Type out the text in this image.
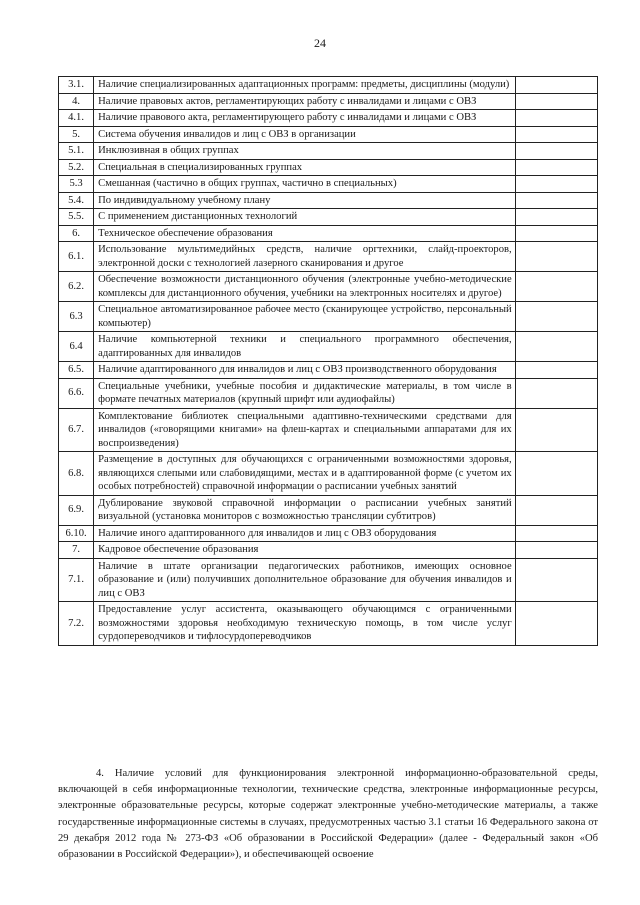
24
3.1.	Наличие специализированных адаптационных программ: предметы, дисциплины (модули)	
4.	Наличие правовых актов, регламентирующих работу с инвалидами и лицами с ОВЗ	
4.1.	Наличие правового акта, регламентирующего работу с инвалидами и лицами с ОВЗ	
5.	Система обучения инвалидов и лиц с ОВЗ в организации	
5.1.	Инклюзивная в общих группах	
5.2.	Специальная в специализированных группах	
5.3	Смешанная (частично в общих группах, частично в специальных)	
5.4.	По индивидуальному учебному плану	
5.5.	С применением дистанционных технологий	
6.	Техническое обеспечение образования	
6.1.	Использование мультимедийных средств, наличие оргтехники, слайд-проекторов, электронной доски с технологией лазерного сканирования и другое	
6.2.	Обеспечение возможности дистанционного обучения (электронные учебно-методические комплексы для дистанционного обучения, учебники на электронных носителях и другое)	
6.3	Специальное автоматизированное рабочее место (сканирующее устройство, персональный компьютер)	
6.4	Наличие компьютерной техники и специального программного обеспечения, адаптированных для инвалидов	
6.5.	Наличие адаптированного для инвалидов и лиц с ОВЗ производственного оборудования	
6.6.	Специальные учебники, учебные пособия и дидактические материалы, в том числе в формате печатных материалов (крупный шрифт или аудиофайлы)	
6.7.	Комплектование библиотек специальными адаптивно-техническими средствами для инвалидов («говорящими книгами» на флеш-картах и специальными аппаратами для их воспроизведения)	
6.8.	Размещение в доступных для обучающихся с ограниченными возможностями здоровья, являющихся слепыми или слабовидящими, местах и в адаптированной форме (с учетом их особых потребностей) справочной информации о расписании учебных занятий	
6.9.	Дублирование звуковой справочной информации о расписании учебных занятий визуальной (установка мониторов с возможностью трансляции субтитров)	
6.10.	Наличие иного адаптированного для инвалидов и лиц с ОВЗ оборудования	
7.	Кадровое обеспечение образования	
7.1.	Наличие в штате организации педагогических работников, имеющих основное образование и (или) получивших дополнительное образование для обучения инвалидов и лиц с ОВЗ	
7.2.	Предоставление услуг ассистента, оказывающего обучающимся с ограниченными возможностями здоровья необходимую техническую помощь, в том числе услуг сурдопереводчиков и тифлосурдопереводчиков	

4. Наличие условий для функционирования электронной информационно-образовательной среды, включающей в себя информационные технологии, технические средства, электронные информационные ресурсы, электронные образовательные ресурсы, которые содержат электронные учебно-методические материалы, а также государственные информационные системы в случаях, предусмотренных частью 3.1 статьи 16 Федерального закона от 29 декабря 2012 года № 273-ФЗ «Об образовании в Российской Федерации» (далее - Федеральный закон «Об образовании в Российской Федерации»), и обеспечивающей освоение
